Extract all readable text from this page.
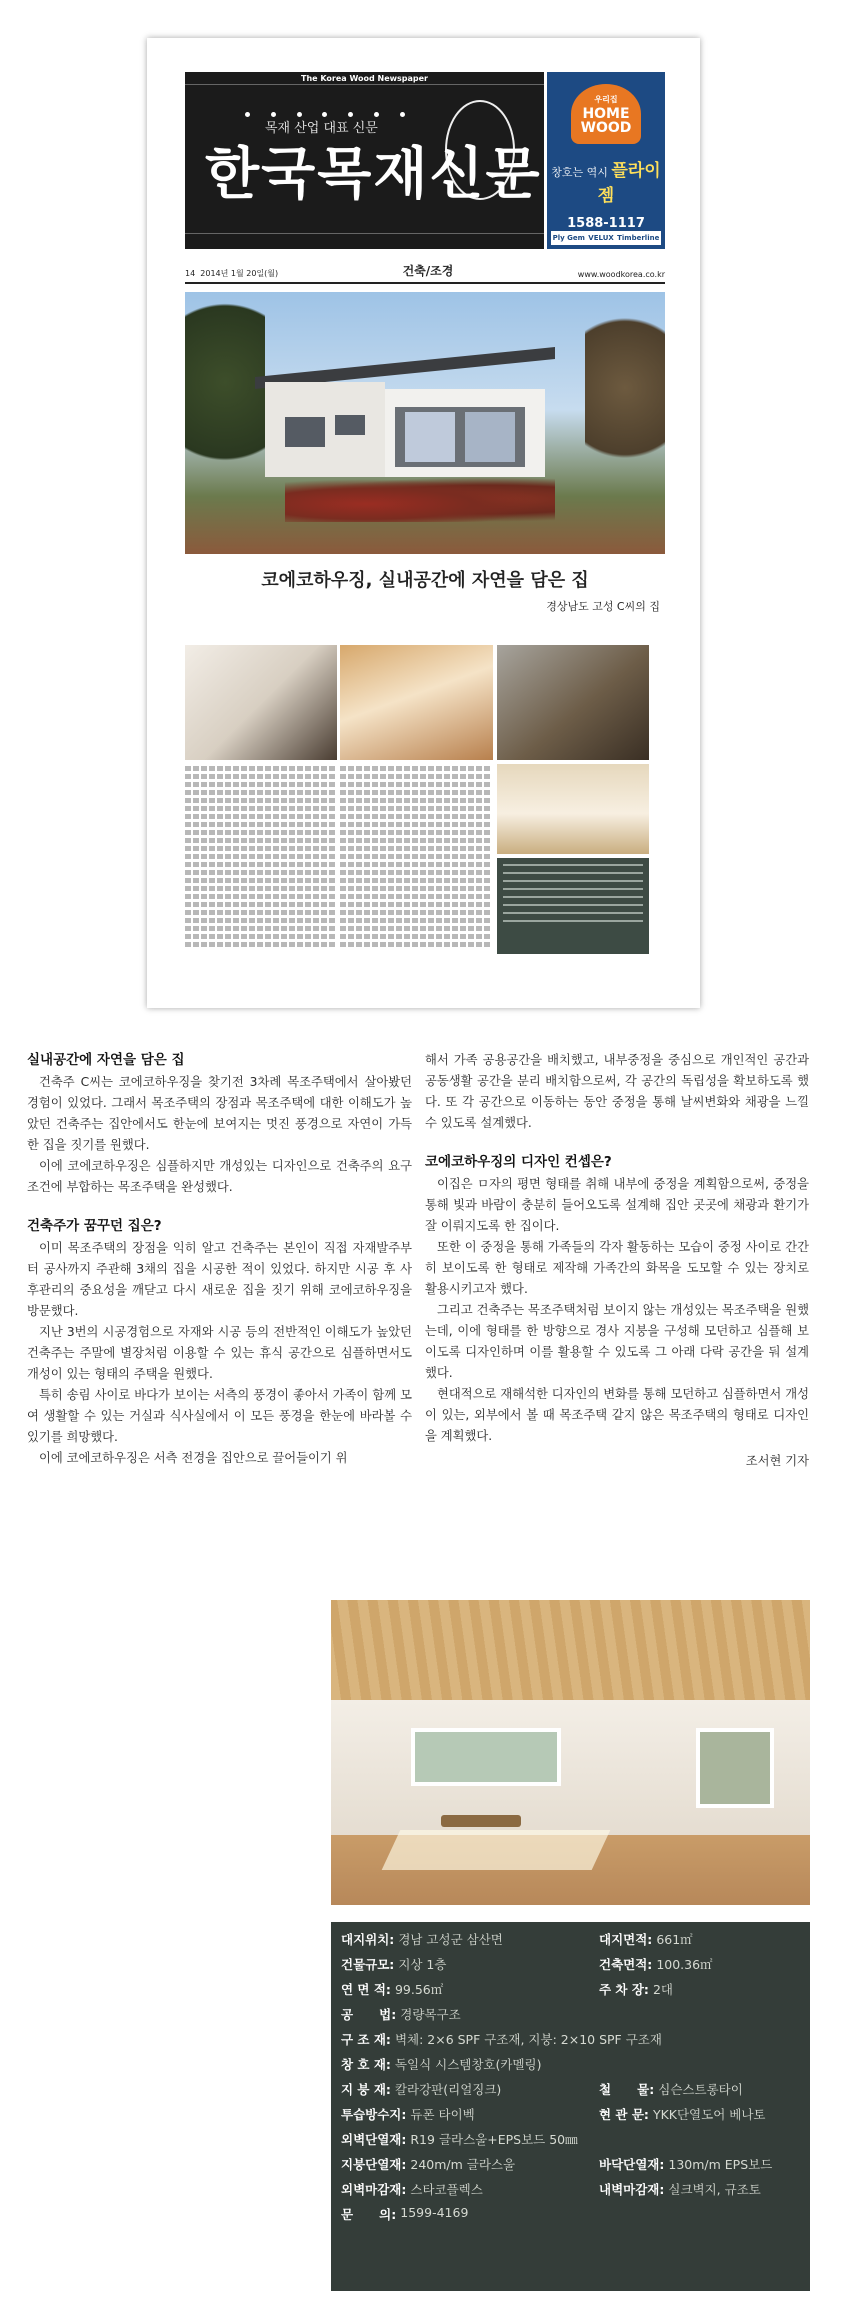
The Korea Wood Newspaper
목재 산업 대표 신문
한국목재신문
우리집
HOME WOOD
창호는 역시 플라이젬
1588-1117
Ply Gem VELUX Timberline
14 2014년 1월 20일(월)	건축/조경	www.woodkorea.co.kr
코에코하우징, 실내공간에 자연을 담은 집
경상남도 고성 C씨의 집
실내공간에 자연을 담은 집

건축주 C씨는 코에코하우징을 찾기전 3차례 목조주택에서 살아봤던 경험이 있었다. 그래서 목조주택의 장점과 목조주택에 대한 이해도가 높았던 건축주는 집안에서도 한눈에 보여지는 멋진 풍경으로 자연이 가득한 집을 짓기를 원했다.

이에 코에코하우징은 심플하지만 개성있는 디자인으로 건축주의 요구조건에 부합하는 목조주택을 완성했다.

건축주가 꿈꾸던 집은?

이미 목조주택의 장점을 익히 알고 건축주는 본인이 직접 자재발주부터 공사까지 주관해 3채의 집을 시공한 적이 있었다. 하지만 시공 후 사후관리의 중요성을 깨닫고 다시 새로운 집을 짓기 위해 코에코하우징을 방문했다.

지난 3번의 시공경험으로 자재와 시공 등의 전반적인 이해도가 높았던 건축주는 주말에 별장처럼 이용할 수 있는 휴식 공간으로 심플하면서도 개성이 있는 형태의 주택을 원했다.

특히 송림 사이로 바다가 보이는 서측의 풍경이 좋아서 가족이 함께 모여 생활할 수 있는 거실과 식사실에서 이 모든 풍경을 한눈에 바라볼 수 있기를 희망했다.

이에 코에코하우징은 서측 전경을 집안으로 끌어들이기 위

해서 가족 공용공간을 배치했고, 내부중정을 중심으로 개인적인 공간과 공동생활 공간을 분리 배치함으로써, 각 공간의 독립성을 확보하도록 했다. 또 각 공간으로 이동하는 동안 중정을 통해 날씨변화와 채광을 느낄 수 있도록 설계했다.

코에코하우징의 디자인 컨셉은?

이집은 ㅁ자의 평면 형태를 취해 내부에 중정을 계획함으로써, 중정을 통해 빛과 바람이 충분히 들어오도록 설계해 집안 곳곳에 채광과 환기가 잘 이뤄지도록 한 집이다.

또한 이 중정을 통해 가족들의 각자 활동하는 모습이 중정 사이로 간간히 보이도록 한 형태로 제작해 가족간의 화목을 도모할 수 있는 장치로 활용시키고자 했다.

그리고 건축주는 목조주택처럼 보이지 않는 개성있는 목조주택을 원했는데, 이에 형태를 한 방향으로 경사 지붕을 구성해 모던하고 심플해 보이도록 디자인하며 이를 활용할 수 있도록 그 아래 다락 공간을 둬 설계했다.

현대적으로 재해석한 디자인의 변화를 통해 모던하고 심플하면서 개성이 있는, 외부에서 볼 때 목조주택 같지 않은 목조주택의 형태로 디자인을 계획했다.

조서현 기자
대지위치: 경남 고성군 삼산면	대지면적: 661㎡
건물규모: 지상 1층	건축면적: 100.36㎡
연 면 적: 99.56㎡	주 차 장: 2대
공      법: 경량목구조
구 조 재: 벽체: 2×6 SPF 구조재, 지붕: 2×10 SPF 구조재
창 호 재: 독일식 시스템창호(카멜링)
지 붕 재: 칼라강판(리얼징크)	철      물: 심슨스트롱타이
투습방수지: 듀폰 타이벡	현 관 문: YKK단열도어 베나토
외벽단열재: R19 글라스울+EPS보드 50㎜
지붕단열재: 240m/m 글라스울	바닥단열재: 130m/m EPS보드
외벽마감재: 스타코플렉스	내벽마감재: 실크벽지, 규조토
문      의: 1599-4169
